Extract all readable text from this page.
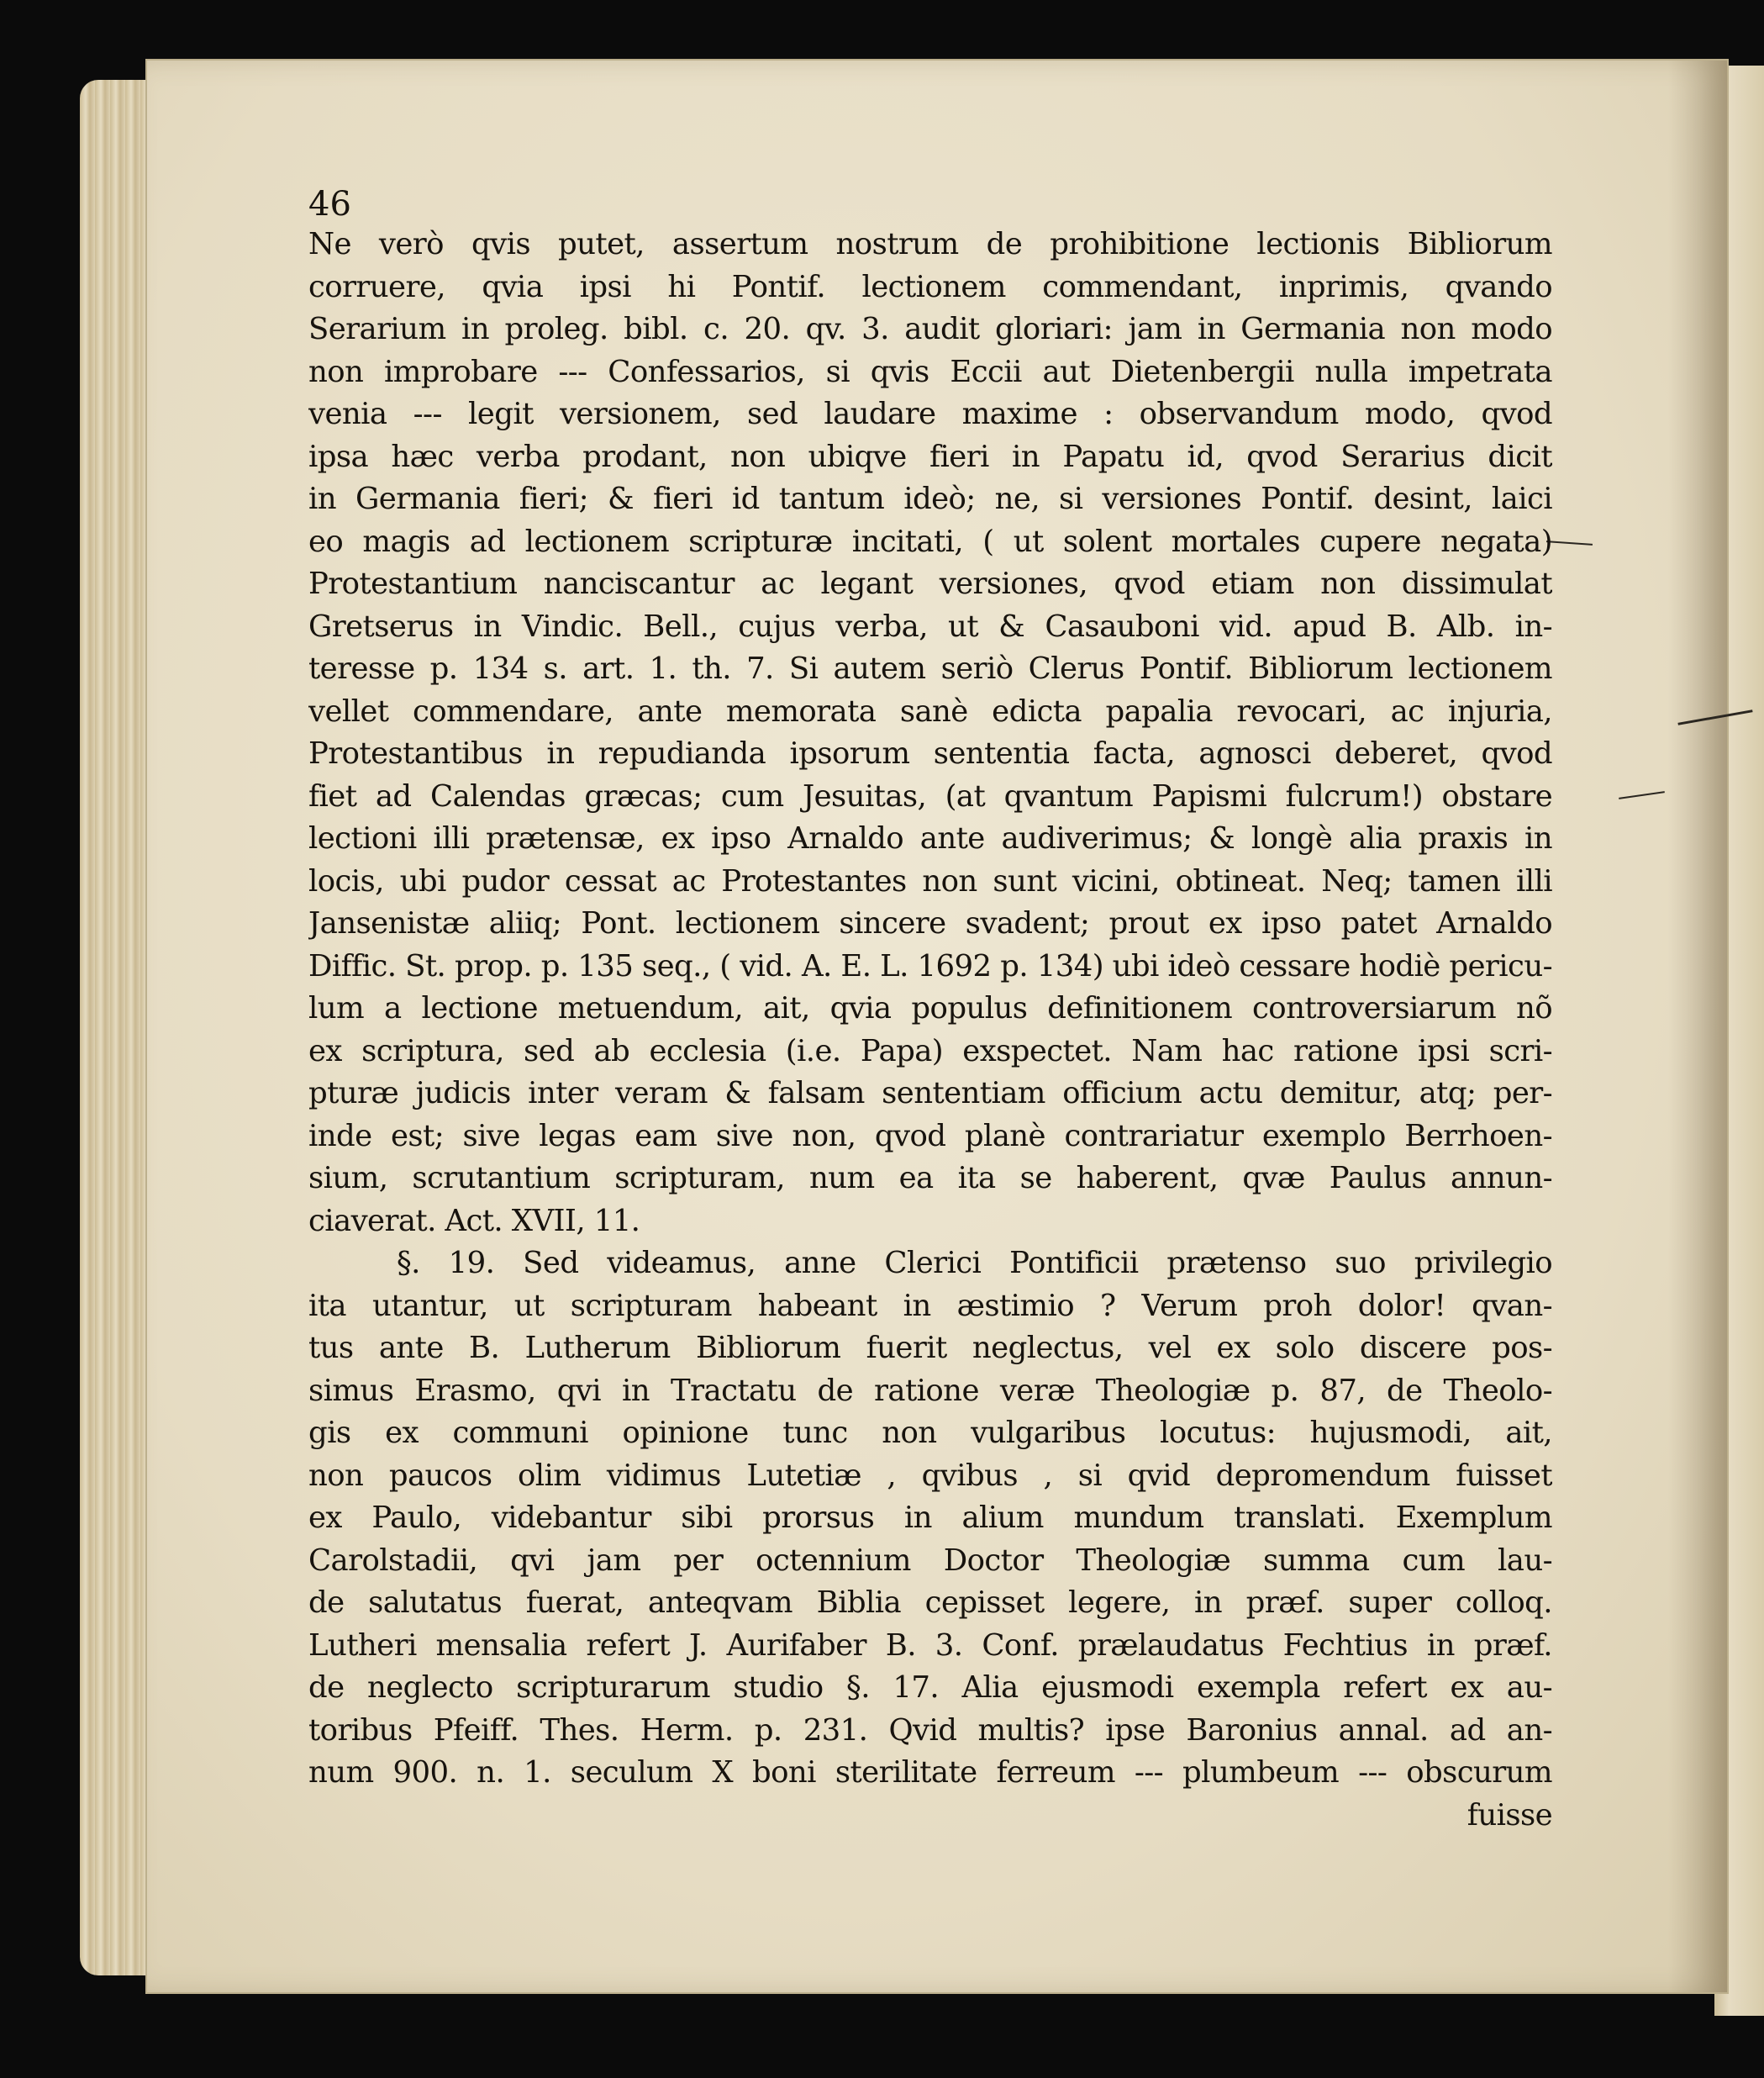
46
Ne verò qvis putet, assertum nostrum de prohibitione lectionis Bibliorum
corruere, qvia ipsi hi Pontif. lectionem commendant, inprimis, qvando
Serarium in proleg. bibl. c. 20. qv. 3. audit gloriari: jam in Germania non modo
non improbare --- Confessarios, si qvis Eccii aut Dietenbergii nulla impetrata
venia --- legit versionem, sed laudare maxime : observandum modo, qvod
ipsa hæc verba prodant, non ubiqve fieri in Papatu id, qvod Serarius dicit
in Germania fieri; & fieri id tantum ideò; ne, si versiones Pontif. desint, laici
eo magis ad lectionem scripturæ incitati, ( ut solent mortales cupere negata)
Protestantium nanciscantur ac legant versiones, qvod etiam non dissimulat
Gretserus in Vindic. Bell., cujus verba, ut & Casauboni vid. apud B. Alb. in-
teresse p. 134 s. art. 1. th. 7. Si autem seriò Clerus Pontif. Bibliorum lectionem
vellet commendare, ante memorata sanè edicta papalia revocari, ac injuria,
Protestantibus in repudianda ipsorum sententia facta, agnosci deberet, qvod
fiet ad Calendas græcas; cum Jesuitas, (at qvantum Papismi fulcrum!) obstare
lectioni illi prætensæ, ex ipso Arnaldo ante audiverimus; & longè alia praxis in
locis, ubi pudor cessat ac Protestantes non sunt vicini, obtineat. Neq; tamen illi
Jansenistæ aliiq; Pont. lectionem sincere svadent; prout ex ipso patet Arnaldo
Diffic. St. prop. p. 135 seq., ( vid. A. E. L. 1692 p. 134) ubi ideò cessare hodiè pericu-
lum a lectione metuendum, ait, qvia populus definitionem controversiarum nõ
ex scriptura, sed ab ecclesia (i.e. Papa) exspectet. Nam hac ratione ipsi scri-
pturæ judicis inter veram & falsam sententiam officium actu demitur, atq; per-
inde est; sive legas eam sive non, qvod planè contrariatur exemplo Berrhoen-
sium, scrutantium scripturam, num ea ita se haberent, qvæ Paulus annun-
ciaverat. Act. XVII, 11.
§. 19. Sed videamus, anne Clerici Pontificii prætenso suo privilegio
ita utantur, ut scripturam habeant in æstimio ? Verum proh dolor! qvan-
tus ante B. Lutherum Bibliorum fuerit neglectus, vel ex solo discere pos-
simus Erasmo, qvi in Tractatu de ratione veræ Theologiæ p. 87, de Theolo-
gis ex communi opinione tunc non vulgaribus locutus: hujusmodi, ait,
non paucos olim vidimus Lutetiæ , qvibus , si qvid depromendum fuisset
ex Paulo, videbantur sibi prorsus in alium mundum translati. Exemplum
Carolstadii, qvi jam per octennium Doctor Theologiæ summa cum lau-
de salutatus fuerat, anteqvam Biblia cepisset legere, in præf. super colloq.
Lutheri mensalia refert J. Aurifaber B. 3. Conf. prælaudatus Fechtius in præf.
de neglecto scripturarum studio §. 17. Alia ejusmodi exempla refert ex au-
toribus Pfeiff. Thes. Herm. p. 231. Qvid multis? ipse Baronius annal. ad an-
num 900. n. 1. seculum X boni sterilitate ferreum --- plumbeum --- obscurum
fuisse
